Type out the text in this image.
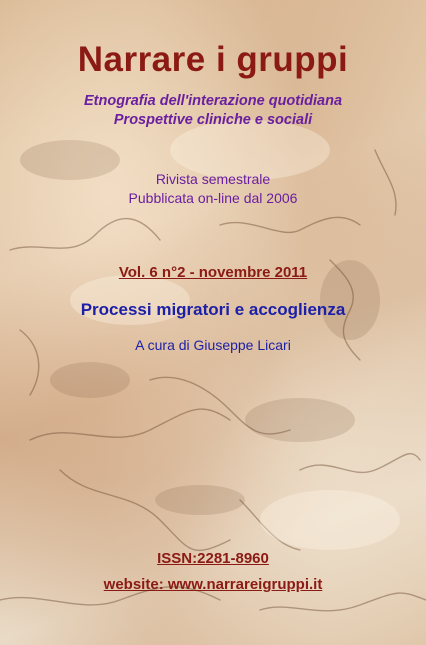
Narrare i gruppi
Etnografia dell'interazione quotidiana
Prospettive cliniche e sociali
Rivista semestrale
Pubblicata on-line dal 2006
Vol. 6 n°2 - novembre 2011
Processi migratori e accoglienza
A cura di Giuseppe Licari
ISSN:2281-8960
website: www.narrareigruppi.it
